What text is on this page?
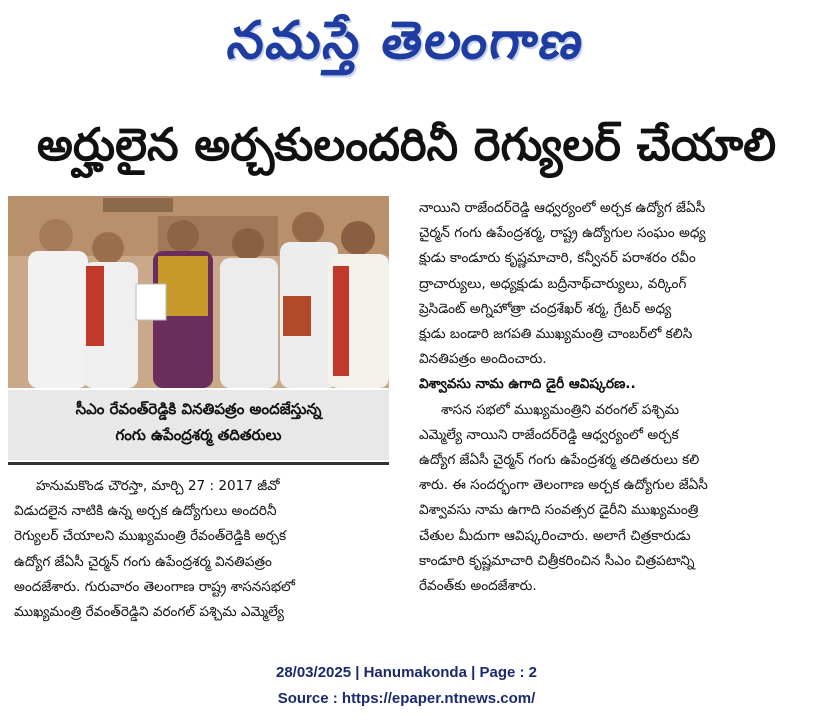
నమస్తే తెలంగాణ
అర్హులైన అర్చకులందరినీ రెగ్యులర్ చేయాలి
సీఎం రేవంత్‌రెడ్డికి వినతిపత్రం అందజేస్తున్న
గంగు ఉపేంద్రశర్మ తదితరులు
హనుమకొండ చౌరస్తా, మార్చి 27 : 2017 జీవో
విడుదలైన నాటికి ఉన్న అర్చక ఉద్యోగులు అందరినీ
రెగ్యులర్ చేయాలని ముఖ్యమంత్రి రేవంత్‌రెడ్డికి అర్చక
ఉద్యోగ జేఏసీ చైర్మన్ గంగు ఉపేంద్రశర్మ వినతిపత్రం
అందజేశారు. గురువారం తెలంగాణ రాష్ట్ర శాసనసభలో
ముఖ్యమంత్రి రేవంత్‌రెడ్డిని వరంగల్ పశ్చిమ ఎమ్మెల్యే
నాయిని రాజేందర్‌రెడ్డి ఆధ్వర్యంలో అర్చక ఉద్యోగ జేఏసీ
చైర్మన్ గంగు ఉపేంద్రశర్మ, రాష్ట్ర ఉద్యోగుల సంఘం అధ్య
క్షుడు కాండూరు కృష్ణమాచారి, కన్వీనర్ పరాశరం రవీం
ద్రాచార్యులు, అధ్యక్షుడు బద్రీనాథ్‌చార్యులు, వర్కింగ్
ప్రెసిడెంట్ అగ్నిహోత్రా చంద్రశేఖర్ శర్మ, గ్రేటర్ అధ్య
క్షుడు బండారి జగపతి ముఖ్యమంత్రి చాంబర్‌లో కలిసి
వినతిపత్రం అందించారు.
విశ్వావసు నామ ఉగాది డైరీ ఆవిష్కరణ..
శాసన సభలో ముఖ్యమంత్రిని వరంగల్ పశ్చిమ
ఎమ్మెల్యే నాయిని రాజేందర్‌రెడ్డి ఆధ్వర్యంలో అర్చక
ఉద్యోగ జేఏసీ చైర్మన్ గంగు ఉపేంద్రశర్మ తదితరులు కలి
శారు. ఈ సందర్భంగా తెలంగాణ అర్చక ఉద్యోగుల జేఏసీ
విశ్వావసు నామ ఉగాది సంవత్సర డైరీని ముఖ్యమంత్రి
చేతుల మీదుగా ఆవిష్కరించారు. అలాగే చిత్రకారుడు
కాండూరి కృష్ణమాచారి చిత్రీకరించిన సీఎం చిత్రపటాన్ని
రేవంత్‌కు అందజేశారు.
28/03/2025 | Hanumakonda | Page : 2
Source : https://epaper.ntnews.com/
